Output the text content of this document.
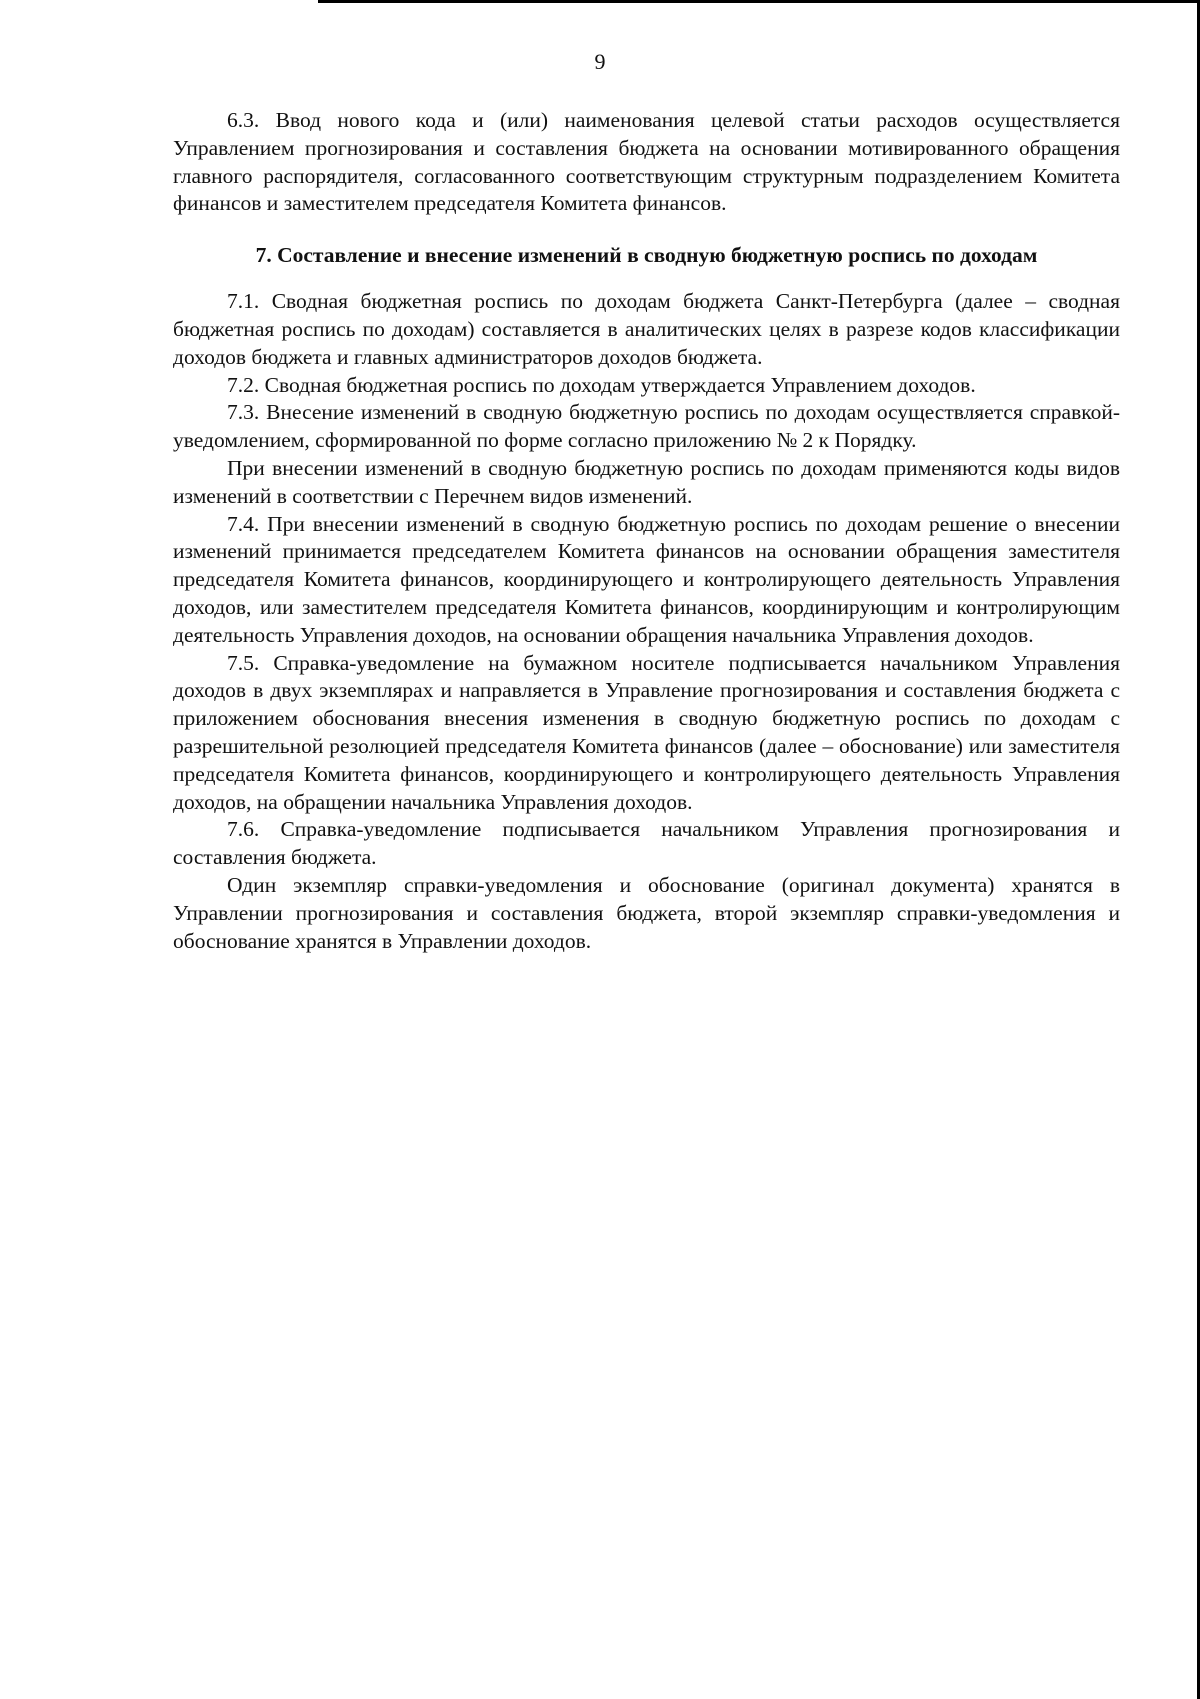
9

6.3. Ввод нового кода и (или) наименования целевой статьи расходов осуществляется Управлением прогнозирования и составления бюджета на основании мотивированного обращения главного распорядителя, согласованного соответствующим структурным подразделением Комитета финансов и заместителем председателя Комитета финансов.

7. Составление и внесение изменений в сводную бюджетную роспись по доходам

7.1. Сводная бюджетная роспись по доходам бюджета Санкт-Петербурга (далее – сводная бюджетная роспись по доходам) составляется в аналитических целях в разрезе кодов классификации доходов бюджета и главных администраторов доходов бюджета.

7.2. Сводная бюджетная роспись по доходам утверждается Управлением доходов.

7.3. Внесение изменений в сводную бюджетную роспись по доходам осуществляется справкой-уведомлением, сформированной по форме согласно приложению № 2 к Порядку.

При внесении изменений в сводную бюджетную роспись по доходам применяются коды видов изменений в соответствии с Перечнем видов изменений.

7.4. При внесении изменений в сводную бюджетную роспись по доходам решение о внесении изменений принимается председателем Комитета финансов на основании обращения заместителя председателя Комитета финансов, координирующего и контролирующего деятельность Управления доходов, или заместителем председателя Комитета финансов, координирующим и контролирующим деятельность Управления доходов, на основании обращения начальника Управления доходов.

7.5. Справка-уведомление на бумажном носителе подписывается начальником Управления доходов в двух экземплярах и направляется в Управление прогнозирования и составления бюджета с приложением обоснования внесения изменения в сводную бюджетную роспись по доходам с разрешительной резолюцией председателя Комитета финансов (далее – обоснование) или заместителя председателя Комитета финансов, координирующего и контролирующего деятельность Управления доходов, на обращении начальника Управления доходов.

7.6. Справка-уведомление подписывается начальником Управления прогнозирования и составления бюджета.

Один экземпляр справки-уведомления и обоснование (оригинал документа) хранятся в Управлении прогнозирования и составления бюджета, второй экземпляр справки-уведомления и обоснование хранятся в Управлении доходов.
